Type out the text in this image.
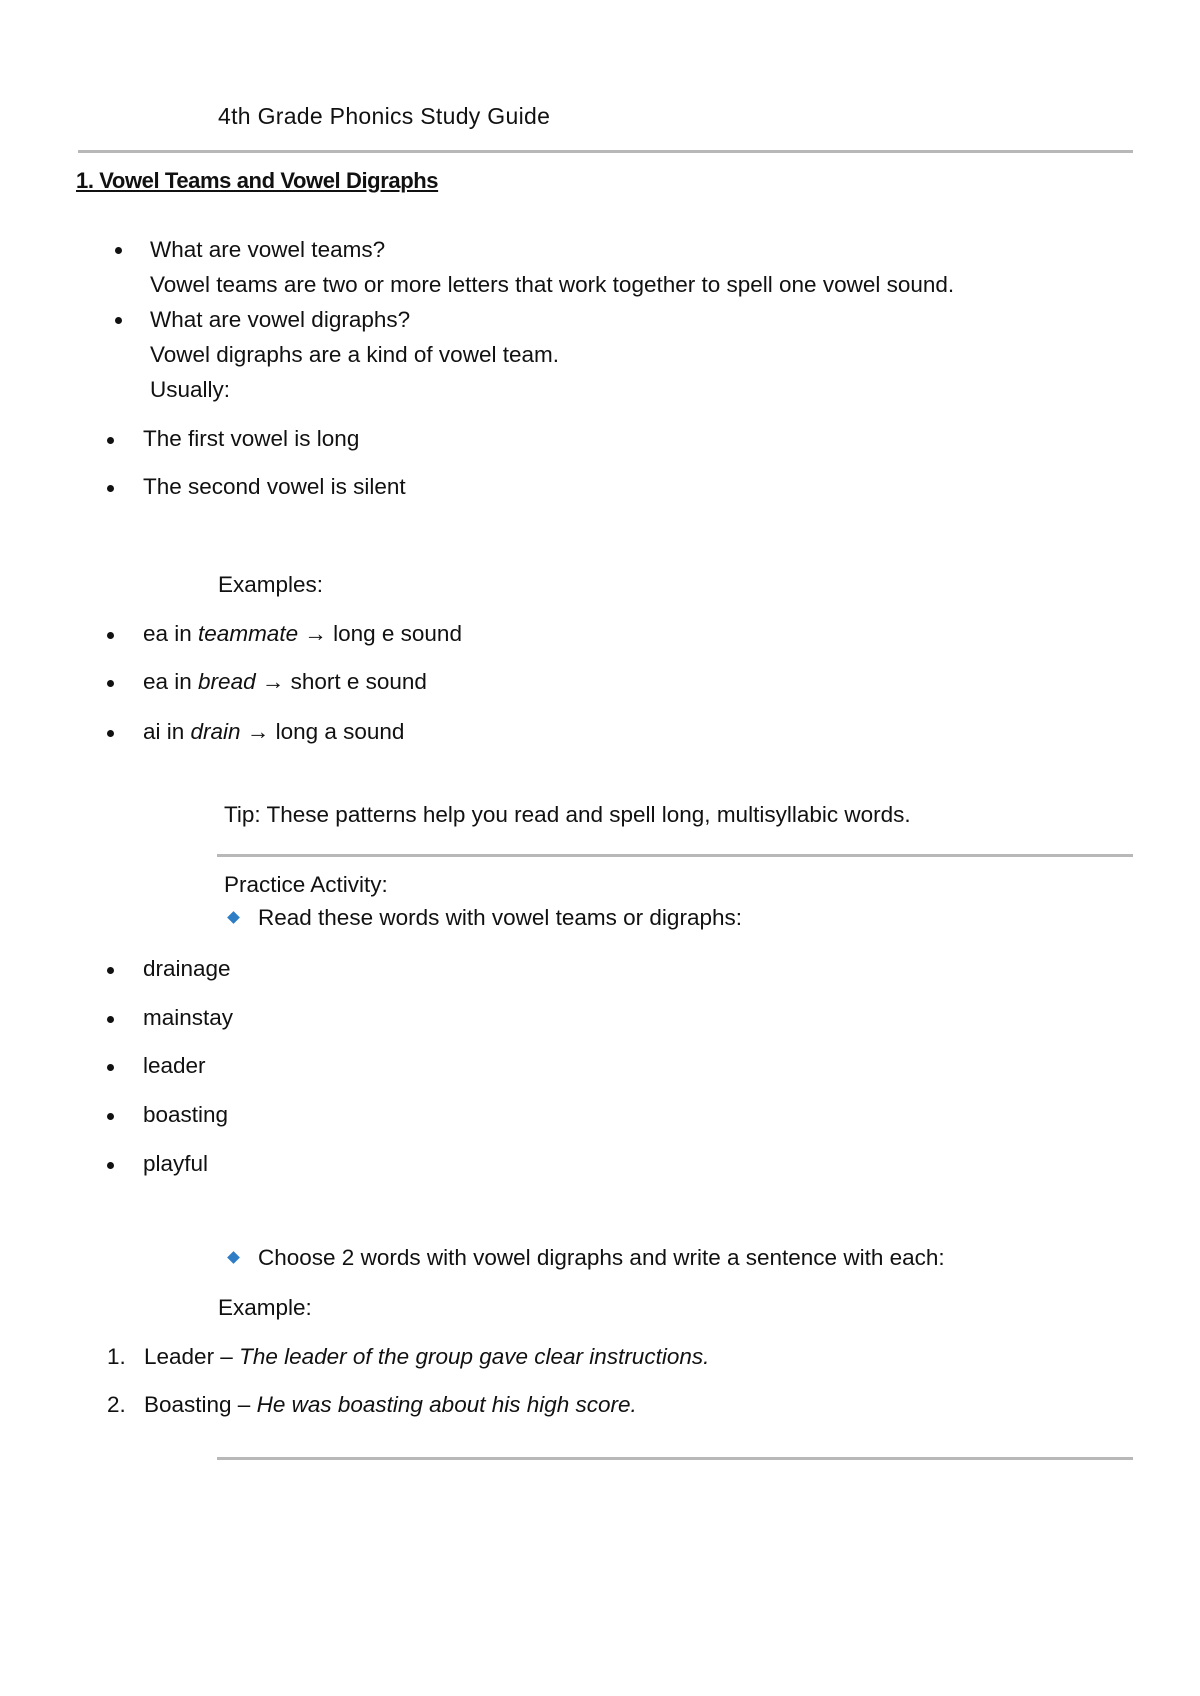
4th Grade Phonics Study Guide
1. Vowel Teams and Vowel Digraphs
What are vowel teams?
Vowel teams are two or more letters that work together to spell one vowel sound.
What are vowel digraphs?
Vowel digraphs are a kind of vowel team.
Usually:
The first vowel is long
The second vowel is silent
Examples:
ea in teammate → long e sound
ea in bread → short e sound
ai in drain → long a sound
Tip: These patterns help you read and spell long, multisyllabic words.
Practice Activity:
Read these words with vowel teams or digraphs:
drainage
mainstay
leader
boasting
playful
Choose 2 words with vowel digraphs and write a sentence with each:
Example:
1. Leader – The leader of the group gave clear instructions.
2. Boasting – He was boasting about his high score.
